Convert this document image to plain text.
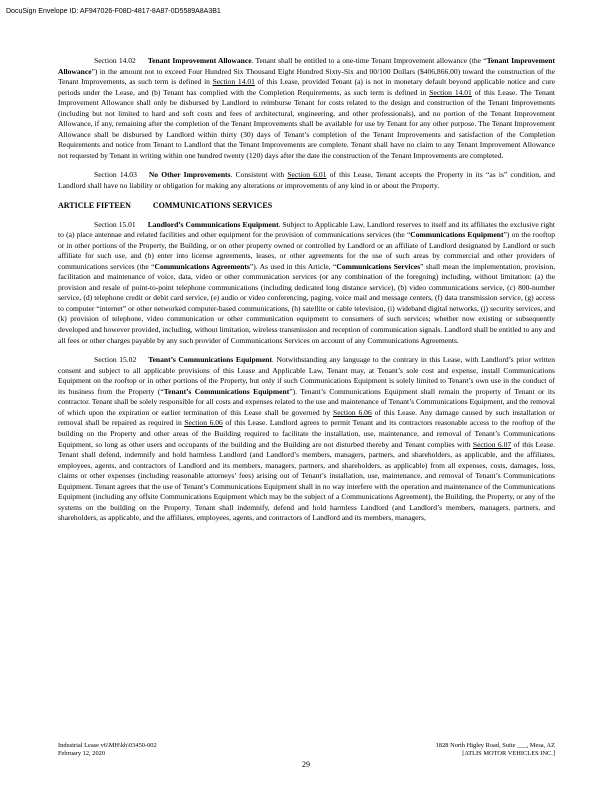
DocuSign Envelope ID: AF947026-F08D-4817-8A87-0D5589A8A3B1

Section 14.02 Tenant Improvement Allowance. Tenant shall be entitled to a one-time Tenant Improvement allowance (the “Tenant Improvement Allowance”) in the amount not to exceed Four Hundred Six Thousand Eight Hundred Sixty-Six and 00/100 Dollars ($406,866.00) toward the construction of the Tenant Improvements, as such term is defined in Section 14.01 of this Lease, provided Tenant (a) is not in monetary default beyond applicable notice and cure periods under the Lease, and (b) Tenant has complied with the Completion Requirements, as such term is defined in Section 14.01 of this Lease. The Tenant Improvement Allowance shall only be disbursed by Landlord to reimburse Tenant for costs related to the design and construction of the Tenant Improvements (including but not limited to hard and soft costs and fees of architectural, engineering, and other professionals), and no portion of the Tenant Improvement Allowance, if any, remaining after the completion of the Tenant Improvements shall be available for use by Tenant for any other purpose. The Tenant Improvement Allowance shall be disbursed by Landlord within thirty (30) days of Tenant’s completion of the Tenant Improvements and satisfaction of the Completion Requirements and notice from Tenant to Landlord that the Tenant Improvements are complete. Tenant shall have no claim to any Tenant Improvement Allowance not requested by Tenant in writing within one hundred twenty (120) days after the date the construction of the Tenant Improvements are completed.

Section 14.03 No Other Improvements. Consistent with Section 6.01 of this Lease, Tenant accepts the Property in its “as is” condition, and Landlord shall have no liability or obligation for making any alterations or improvements of any kind in or about the Property.

ARTICLE FIFTEEN	COMMUNICATIONS SERVICES

Section 15.01 Landlord’s Communications Equipment. Subject to Applicable Law, Landlord reserves to itself and its affiliates the exclusive right to (a) place antennae and related facilities and other equipment for the provision of communications services (the “Communications Equipment”) on the rooftop or in other portions of the Property, the Building, or on other property owned or controlled by Landlord or an affiliate of Landlord designated by Landlord or such affiliate for such use, and (b) enter into license agreements, leases, or other agreements for the use of such areas by commercial and other providers of communications services (the “Communications Agreements”). As used in this Article, “Communications Services” shall mean the implementation, provision, facilitation and maintenance of voice, data, video or other communication services (or any combination of the foregoing) including, without limitation: (a) the provision and resale of point-to-point telephone communications (including dedicated long distance service), (b) video communications service, (c) 800-number service, (d) telephone credit or debit card service, (e) audio or video conferencing, paging, voice mail and message centers, (f) data transmission service, (g) access to computer “internet” or other networked computer-based communications, (h) satellite or cable television, (i) wideband digital networks, (j) security services, and (k) provision of telephone, video communication or other communication equipment to consumers of such services; whether now existing or subsequently developed and however provided, including, without limitation, wireless transmission and reception of communication signals. Landlord shall be entitled to any and all fees or other charges payable by any such provider of Communications Services on account of any Communications Agreements.

Section 15.02 Tenant’s Communications Equipment. Notwithstanding any language to the contrary in this Lease, with Landlord’s prior written consent and subject to all applicable provisions of this Lease and Applicable Law, Tenant may, at Tenant’s sole cost and expense, install Communications Equipment on the rooftop or in other portions of the Property, but only if such Communications Equipment is solely limited to Tenant’s own use in the conduct of its business from the Property (“Tenant’s Communications Equipment”). Tenant’s Communications Equipment shall remain the property of Tenant or its contractor. Tenant shall be solely responsible for all costs and expenses related to the use and maintenance of Tenant’s Communications Equipment, and the removal of which upon the expiration or earlier termination of this Lease shall be governed by Section 6.06 of this Lease. Any damage caused by such installation or removal shall be repaired as required in Section 6.06 of this Lease. Landlord agrees to permit Tenant and its contractors reasonable access to the rooftop of the building on the Property and other areas of the Building required to facilitate the installation, use, maintenance, and removal of Tenant’s Communications Equipment, so long as other users and occupants of the building and the Building are not disturbed thereby and Tenant complies with Section 6.07 of this Lease. Tenant shall defend, indemnify and hold harmless Landlord (and Landlord’s members, managers, partners, and shareholders, as applicable, and the affiliates, employees, agents, and contractors of Landlord and its members, managers, partners, and shareholders, as applicable) from all expenses, costs, damages, loss, claims or other expenses (including reasonable attorneys’ fees) arising out of Tenant’s installation, use, maintenance, and removal of Tenant’s Communications Equipment. Tenant agrees that the use of Tenant’s Communications Equipment shall in no way interfere with the operation and maintenance of the Communications Equipment (including any offsite Communications Equipment which may be the subject of a Communications Agreement), the Building, the Property, or any of the systems on the building on the Property. Tenant shall indemnify, defend and hold harmless Landlord (and Landlord’s members, managers, partners, and shareholders, as applicable, and the affiliates, employees, agents, and contractors of Landlord and its members, managers,

Industrial Lease v6\MH\kh\03450-002
February 12, 2020
1828 North Higley Road, Suite ___, Mesa, AZ
[ATLIS MOTOR VEHICLES INC.]
29
